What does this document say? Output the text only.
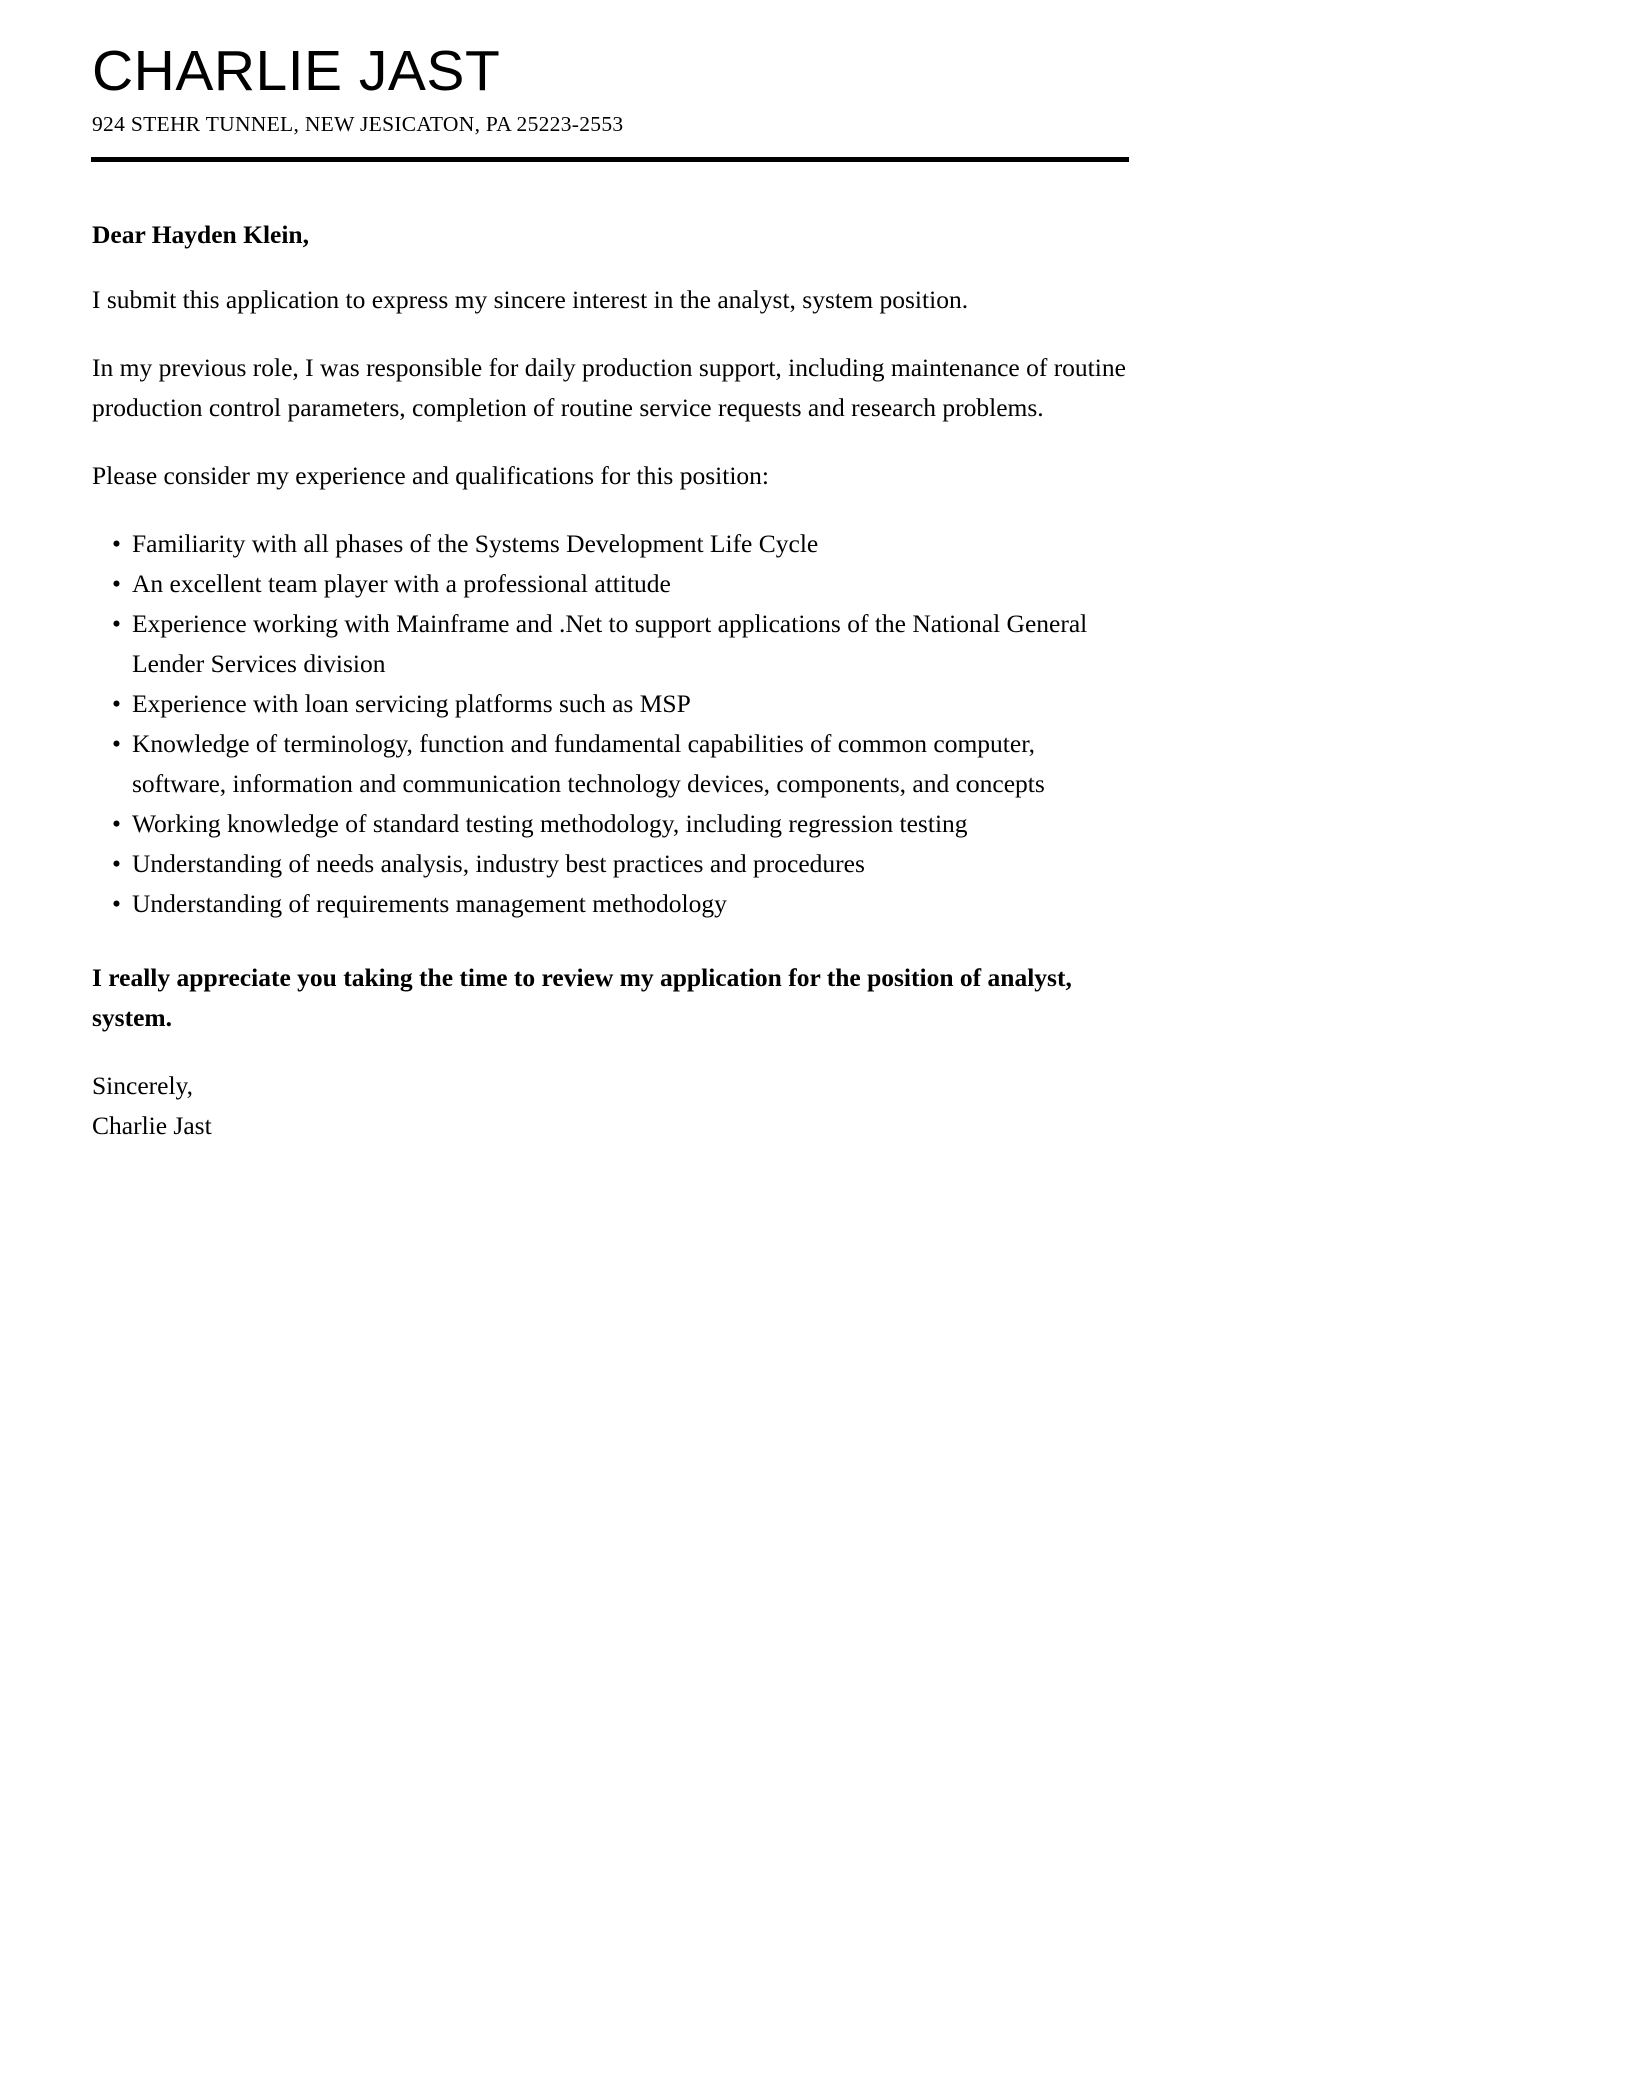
CHARLIE JAST
924 STEHR TUNNEL, NEW JESICATON, PA 25223-2553

Dear Hayden Klein,

I submit this application to express my sincere interest in the analyst, system position.

In my previous role, I was responsible for daily production support, including maintenance of routine production control parameters, completion of routine service requests and research problems.

Please consider my experience and qualifications for this position:

• Familiarity with all phases of the Systems Development Life Cycle
• An excellent team player with a professional attitude
• Experience working with Mainframe and .Net to support applications of the National General Lender Services division
• Experience with loan servicing platforms such as MSP
• Knowledge of terminology, function and fundamental capabilities of common computer, software, information and communication technology devices, components, and concepts
• Working knowledge of standard testing methodology, including regression testing
• Understanding of needs analysis, industry best practices and procedures
• Understanding of requirements management methodology

I really appreciate you taking the time to review my application for the position of analyst, system.

Sincerely,
Charlie Jast
